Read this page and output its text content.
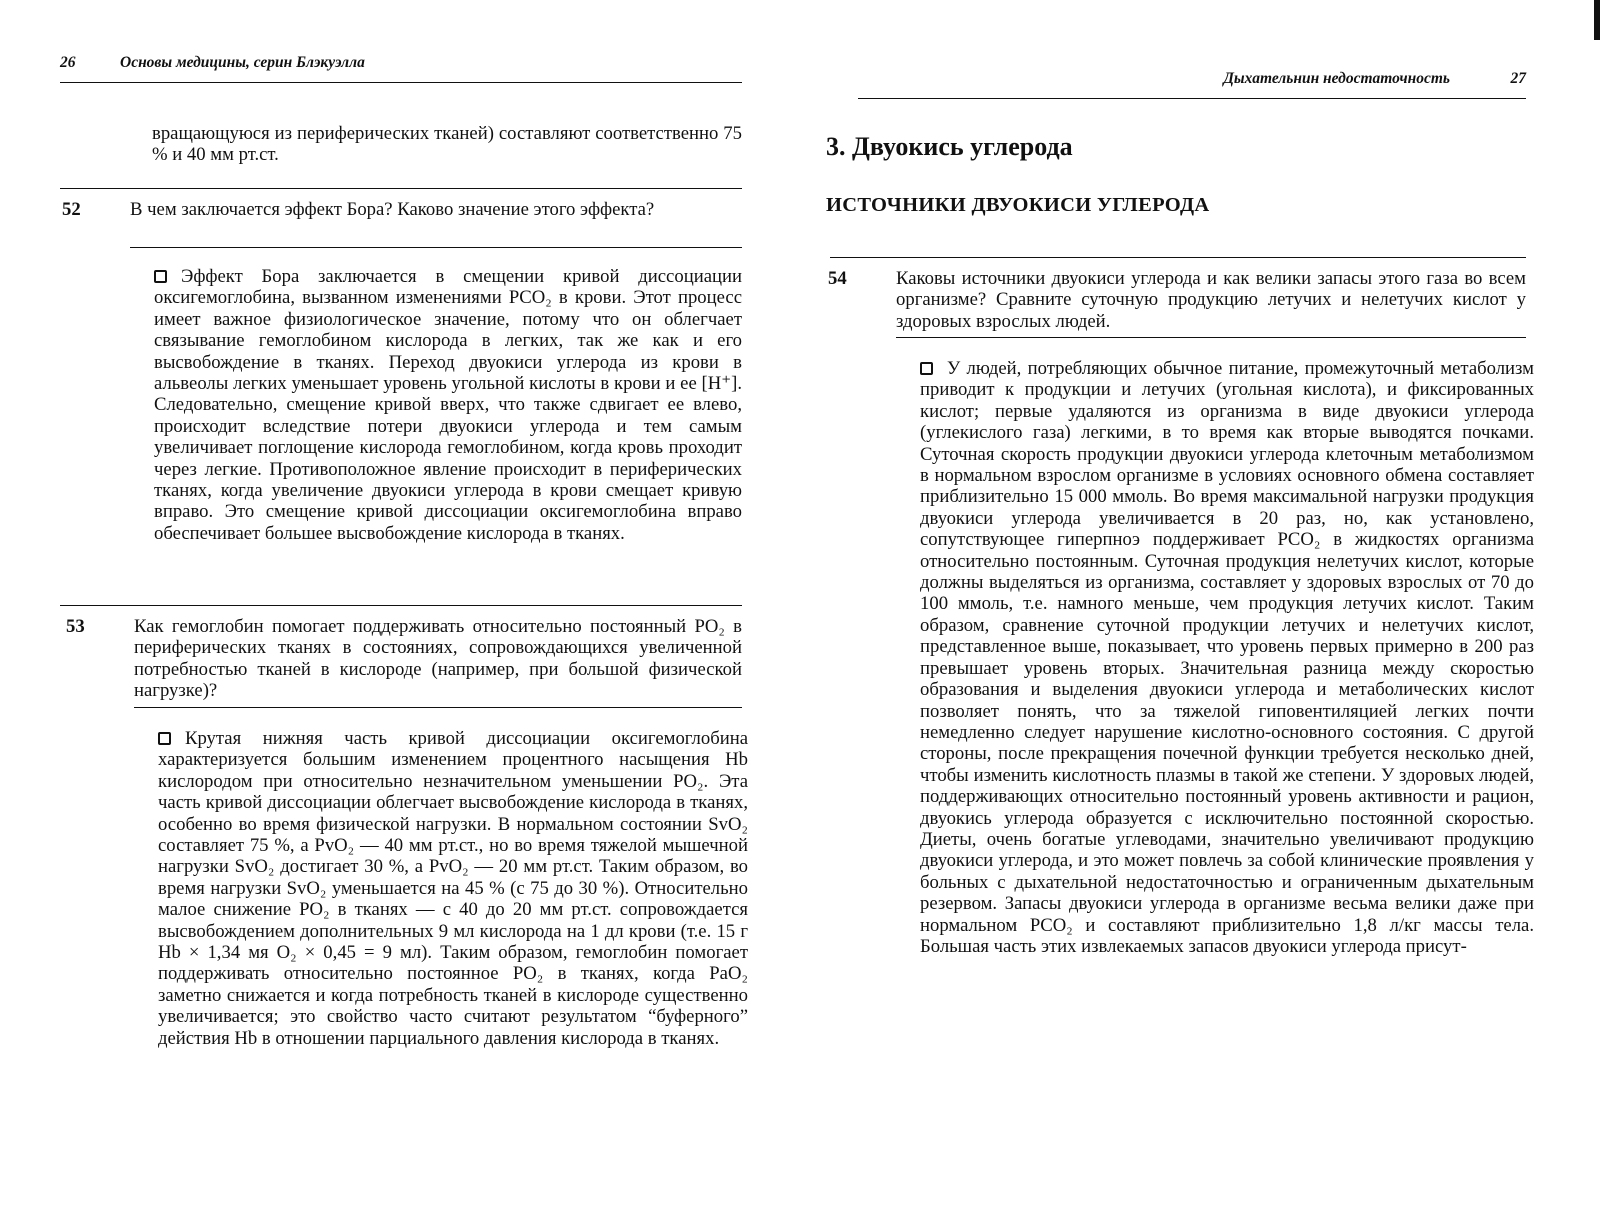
26	Основы медицины, серин Блэкуэлла

вращающуюся из периферических тканей) составляют соответственно 75 % и 40 мм рт.ст.

52	В чем заключается эффект Бора? Каково значение этого эффекта?

Эффект Бора заключается в смещении кривой диссоциации оксигемоглобина, вызванном изменениями PCO₂ в крови. Этот процесс имеет важное физиологическое значение, потому что он облегчает связывание гемоглобином кислорода в легких, так же как и его высвобождение в тканях. Переход двуокиси углерода из крови в альвеолы легких уменьшает уровень угольной кислоты в крови и ее [H⁺]. Следовательно, смещение кривой вверх, что также сдвигает ее влево, происходит вследствие потери двуокиси углерода и тем самым увеличивает поглощение кислорода гемоглобином, когда кровь проходит через легкие. Противоположное явление происходит в периферических тканях, когда увеличение двуокиси углерода в крови смещает кривую вправо. Это смещение кривой диссоциации оксигемоглобина вправо обеспечивает большее высвобождение кислорода в тканях.

53	Как гемоглобин помогает поддерживать относительно постоянный PO₂ в периферических тканях в состояниях, сопровождающихся увеличенной потребностью тканей в кислороде (например, при большой физической нагрузке)?

Крутая нижняя часть кривой диссоциации оксигемоглобина характеризуется большим изменением процентного насыщения Hb кислородом при относительно незначительном уменьшении PO₂. Эта часть кривой диссоциации облегчает высвобождение кислорода в тканях, особенно во время физической нагрузки. В нормальном состоянии SvO₂ составляет 75 %, а PvO₂ — 40 мм рт.ст., но во время тяжелой мышечной нагрузки SvO₂ достигает 30 %, а PvO₂ — 20 мм рт.ст. Таким образом, во время нагрузки SvO₂ уменьшается на 45 % (с 75 до 30 %). Относительно малое снижение PO₂ в тканях — с 40 до 20 мм рт.ст. сопровождается высвобождением дополнительных 9 мл кислорода на 1 дл крови (т.е. 15 г Hb × 1,34 мя O₂ × 0,45 = 9 мл). Таким образом, гемоглобин помогает поддерживать относительно постоянное PO₂ в тканях, когда PaO₂ заметно снижается и когда потребность тканей в кислороде существенно увеличивается; это свойство часто считают результатом “буферного” действия Hb в отношении парциального давления кислорода в тканях.

Дыхательнин недостаточность	27
3. Двуокись углерода
ИСТОЧНИКИ ДВУОКИСИ УГЛЕРОДА
54	Каковы источники двуокиси углерода и как велики запасы этого газа во всем организме? Сравните суточную продукцию летучих и нелетучих кислот у здоровых взрослых людей.

У людей, потребляющих обычное питание, промежуточный метаболизм приводит к продукции и летучих (угольная кислота), и фиксированных кислот; первые удаляются из организма в виде двуокиси углерода (углекислого газа) легкими, в то время как вторые выводятся почками. Суточная скорость продукции двуокиси углерода клеточным метаболизмом в нормальном взрослом организме в условиях основного обмена составляет приблизительно 15 000 ммоль. Во время максимальной нагрузки продукция двуокиси углерода увеличивается в 20 раз, но, как установлено, сопутствующее гиперпноэ поддерживает PCO₂ в жидкостях организма относительно постоянным. Суточная продукция нелетучих кислот, которые должны выделяться из организма, составляет у здоровых взрослых от 70 до 100 ммоль, т.е. намного меньше, чем продукция летучих кислот. Таким образом, сравнение суточной продукции летучих и нелетучих кислот, представленное выше, показывает, что уровень первых примерно в 200 раз превышает уровень вторых. Значительная разница между скоростью образования и выделения двуокиси углерода и метаболических кислот позволяет понять, что за тяжелой гиповентиляцией легких почти немедленно следует нарушение кислотно-основного состояния. С другой стороны, после прекращения почечной функции требуется несколько дней, чтобы изменить кислотность плазмы в такой же степени. У здоровых людей, поддерживающих относительно постоянный уровень активности и рацион, двуокись углерода образуется с исключительно постоянной скоростью. Диеты, очень богатые углеводами, значительно увеличивают продукцию двуокиси углерода, и это может повлечь за собой клинические проявления у больных с дыхательной недостаточностью и ограниченным дыхательным резервом. Запасы двуокиси углерода в организме весьма велики даже при нормальном PCO₂ и составляют приблизительно 1,8 л/кг массы тела. Большая часть этих извлекаемых запасов двуокиси углерода присут-
